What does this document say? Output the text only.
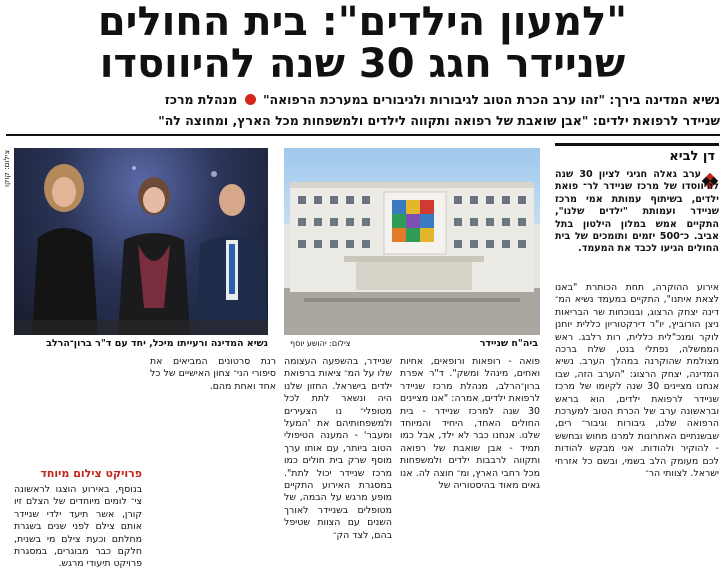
"למעון הילדים": בית החולים
שניידר חגג 30 שנה להיווסדו
נשיא המדינה בירך: "זהו ערב הכרת הטוב לגיבורות ולגיבורים במערכת הרפואה"  מנהלת מרכז
שניידר לרפואת ילדים: "אבן שואבת של רפואה ותקווה לילדים ולמשפחות מכל הארץ, ומחוצה לה"
דן לביא
ערב גאלה חגיגי לציון 30 שנה להיווסדו של מרכז שניידר לר־ פואת ילדים, בשיתוף עמותת אמי מרכז שניידר ועמותת "ילדים שלנו", התקיים אמש במלון הילטון בתל אביב. כ־500 יזמים ותומכים של בית החולים הגיעו לכבד את המעמד.
אירוע ההוקרה, תחת הכותרת "באנו לצאת איתנו", התקיים במעמד נשיא המ־ דינה יצחק הרצוג, ובנוכחות שר הבריאות ניצן הורוביץ, יו"ר דירקטוריון כללית יוחנן לוקר ומנכ"לית כללית, רות רלבג. ראש הממשלה, נפתלי בנט, שלח ברכה מצולמת שהוקרנה במהלך הערב. נשיא המדינה, יצחק הרצוג: "הערב הזה, שבו אנחנו מציינים 30 שנה לקיומו של מרכז שניידר לרפואת ילדים, הוא בראש ובראשונה ערב של הכרת הטוב למערכת הרפואה שלנו, גיבורות וגיבור־ רים, שבשנתיים האחרונות למרנו מחוש ובחשש - להוקיר ולהודות. אני מבקש להודות לכם מעומק הלב בשמי, ובשם כל אזרחי ישראל. לצוותי הר־
ביה"ח שניידר
צילום: יהושע יוסף
צילום: קוקו
נשיא המדינה ורעייתו מיכל, יחד עם ד"ר ברון־הרלב
פואה - רופאות ורופאים, אחיות ואחים, מינהל ומשק". ד"ר אפרת ברון־הרלב, מנהלת מרכז שניידר לרפואת ילדים, אמרה: "אנו מציינים 30 שנה למרכז שניידר - בית החולים האחד, היחיד והמיוחד שלנו. אנחנו כבר לא ילד, אבל כמו תמיד - אבן שואבת של רפואה ותקווה לרבבות ילדים ולמשפחות מכל רחבי הארץ, ומ־ חוצה לה. אנו גאים מאוד בהיסטוריה של
שניידר, בהשפעה העצומה שלו על המ־ ציאות ברפואת ילדים בישראל. החזון שלנו היה ונשאר לתת לכל מטופלי־ נו הצעירים ולמשפחותיהם את 'המעל ומעבר' - המענה הטיפולי הטוב ביותר, עם אותו ערך מוסף שרק בית חולים כמו מרכז שניידר יכול לתת". במסגרת האירוע התקיים מופע מרגש על הבמה, של מטופלים בשניידר לאורך השנים עם הצוות שטיפל בהם, לצד הק־
רנת סרטונים המביאים את סיפורי הני־ צחון האישיים של כל אחד ואחת מהם.
פרויקט צילום מיוחד
בנוסף, באירוע הוצגו לראשונה צי־ לומים מיוחדים של הצלם זיו קורן, אשר תיעד ילדי שניידר אותם צילם לפני שנים בשגרת מחלתם וכעת צילם מי בשנית, חלקם כבר מבוגרים, במסגרת פרויקט תיעודי מרגש.
